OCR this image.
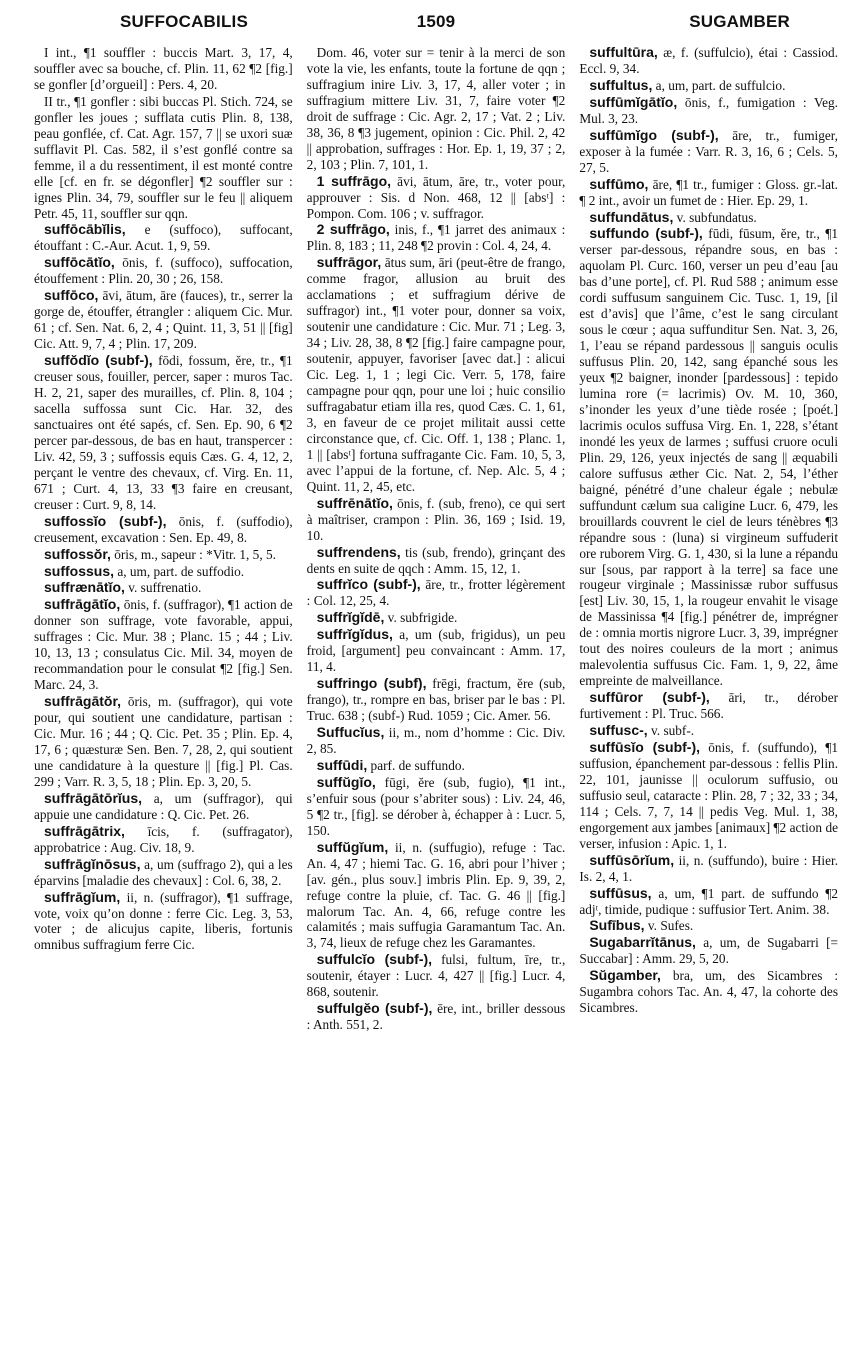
SUFFOCABILIS	1509	SUGAMBER

I int., ¶1 souffler : buccis Mart. 3, 17, 4, souffler avec sa bouche, cf. Plin. 11, 62 ¶2 [fig.] se gonfler [d’orgueil] : Pers. 4, 20.

II tr., ¶1 gonfler : sibi buccas Pl. Stich. 724, se gonfler les joues ; sufflata cutis Plin. 8, 138, peau gonflée, cf. Cat. Agr. 157, 7 || se uxori suæ sufflavit Pl. Cas. 582, il s’est gonflé contre sa femme, il a du ressentiment, il est monté contre elle [cf. en fr. se dégonfler] ¶2 souffler sur : ignes Plin. 34, 79, souffler sur le feu || aliquem Petr. 45, 11, souffler sur qqn.

suffōcābĭlis, e (suffoco), suffocant, étouffant : C.-Aur. Acut. 1, 9, 59.

suffōcātĭo, ōnis, f. (suffoco), suffocation, étouffement : Plin. 20, 30 ; 26, 158.

suffōco, āvi, ātum, āre (fauces), tr., serrer la gorge de, étouffer, étrangler : aliquem Cic. Mur. 61 ; cf. Sen. Nat. 6, 2, 4 ; Quint. 11, 3, 51 || [fig] Cic. Att. 9, 7, 4 ; Plin. 17, 209.

suffŏdĭo (subf-), fōdi, fossum, ĕre, tr., ¶1 creuser sous, fouiller, percer, saper : muros Tac. H. 2, 21, saper des murailles, cf. Plin. 8, 104 ; sacella suffossa sunt Cic. Har. 32, des sanctuaires ont été sapés, cf. Sen. Ep. 90, 6 ¶2 percer par-dessous, de bas en haut, transpercer : Liv. 42, 59, 3 ; suffossis equis Cæs. G. 4, 12, 2, perçant le ventre des chevaux, cf. Virg. En. 11, 671 ; Curt. 4, 13, 33 ¶3 faire en creusant, creuser : Curt. 9, 8, 14.

suffossĭo (subf-), ōnis, f. (suffodio), creusement, excavation : Sen. Ep. 49, 8.

suffossŏr, ōris, m., sapeur : *Vitr. 1, 5, 5.

suffossus, a, um, part. de suffodio.

suffrænātĭo, v. suffrenatio.

suffrāgātĭo, ōnis, f. (suffragor), ¶1 action de donner son suffrage, vote favorable, appui, suffrages : Cic. Mur. 38 ; Planc. 15 ; 44 ; Liv. 10, 13, 13 ; consulatus Cic. Mil. 34, moyen de recommandation pour le consulat ¶2 [fig.] Sen. Marc. 24, 3.

suffrāgātŏr, ōris, m. (suffragor), qui vote pour, qui soutient une candidature, partisan : Cic. Mur. 16 ; 44 ; Q. Cic. Pet. 35 ; Plin. Ep. 4, 17, 6 ; quæsturæ Sen. Ben. 7, 28, 2, qui soutient une candidature à la questure || [fig.] Pl. Cas. 299 ; Varr. R. 3, 5, 18 ; Plin. Ep. 3, 20, 5.

suffrāgātōrĭus, a, um (suffragor), qui appuie une candidature : Q. Cic. Pet. 26.

suffrāgātrix, īcis, f. (suffragator), approbatrice : Aug. Civ. 18, 9.

suffrāgĭnōsus, a, um (suffrago 2), qui a les éparvins [maladie des chevaux] : Col. 6, 38, 2.

suffrāgĭum, ii, n. (suffragor), ¶1 suffrage, vote, voix qu’on donne : ferre Cic. Leg. 3, 53, voter ; de alicujus capite, liberis, fortunis omnibus suffragium ferre Cic.

Dom. 46, voter sur = tenir à la merci de son vote la vie, les enfants, toute la fortune de qqn ; suffragium inire Liv. 3, 17, 4, aller voter ; in suffragium mittere Liv. 31, 7, faire voter ¶2 droit de suffrage : Cic. Agr. 2, 17 ; Vat. 2 ; Liv. 38, 36, 8 ¶3 jugement, opinion : Cic. Phil. 2, 42 || approbation, suffrages : Hor. Ep. 1, 19, 37 ; 2, 2, 103 ; Plin. 7, 101, 1.

1 suffrāgo, āvi, ātum, āre, tr., voter pour, approuver : Sis. d Non. 468, 12 || [absᵗ] : Pompon. Com. 106 ; v. suffragor.

2 suffrāgo, inis, f., ¶1 jarret des animaux : Plin. 8, 183 ; 11, 248 ¶2 provin : Col. 4, 24, 4.

suffrāgor, ātus sum, āri (peut-être de frango, comme fragor, allusion au bruit des acclamations ; et suffragium dérive de suffragor) int., ¶1 voter pour, donner sa voix, soutenir une candidature : Cic. Mur. 71 ; Leg. 3, 34 ; Liv. 28, 38, 8 ¶2 [fig.] faire campagne pour, soutenir, appuyer, favoriser [avec dat.] : alicui Cic. Leg. 1, 1 ; legi Cic. Verr. 5, 178, faire campagne pour qqn, pour une loi ; huic consilio suffragabatur etiam illa res, quod Cæs. C. 1, 61, 3, en faveur de ce projet militait aussi cette circonstance que, cf. Cic. Off. 1, 138 ; Planc. 1, 1 || [absᵗ] fortuna suffragante Cic. Fam. 10, 5, 3, avec l’appui de la fortune, cf. Nep. Alc. 5, 4 ; Quint. 11, 2, 45, etc.

suffrēnātĭo, ōnis, f. (sub, freno), ce qui sert à maîtriser, crampon : Plin. 36, 169 ; Isid. 19, 10.

suffrendens, tis (sub, frendo), grinçant des dents en suite de qqch : Amm. 15, 12, 1.

suffrĭco (subf-), āre, tr., frotter légèrement : Col. 12, 25, 4.

suffrĭgĭdē, v. subfrigide.

suffrĭgĭdus, a, um (sub, frigidus), un peu froid, [argument] peu convaincant : Amm. 17, 11, 4.

suffringo (subf), frēgi, fractum, ĕre (sub, frango), tr., rompre en bas, briser par le bas : Pl. Truc. 638 ; (subf-) Rud. 1059 ; Cic. Amer. 56.

Suffucĭus, ii, m., nom d’homme : Cic. Div. 2, 85.

suffūdi, parf. de suffundo.

suffŭgĭo, fūgi, ĕre (sub, fugio), ¶1 int., s’enfuir sous (pour s’abriter sous) : Liv. 24, 46, 5 ¶2 tr., [fig]. se dérober à, échapper à : Lucr. 5, 150.

suffŭgĭum, ii, n. (suffugio), refuge : Tac. An. 4, 47 ; hiemi Tac. G. 16, abri pour l’hiver ; [av. gén., plus souv.] imbris Plin. Ep. 9, 39, 2, refuge contre la pluie, cf. Tac. G. 46 || [fig.] malorum Tac. An. 4, 66, refuge contre les calamités ; mais suffugia Garamantum Tac. An. 3, 74, lieux de refuge chez les Garamantes.

suffulcĭo (subf-), fulsi, fultum, īre, tr., soutenir, étayer : Lucr. 4, 427 || [fig.] Lucr. 4, 868, soutenir.

suffulgĕo (subf-), ēre, int., briller dessous : Anth. 551, 2.

suffultūra, æ, f. (suffulcio), étai : Cassiod. Eccl. 9, 34.

suffultus, a, um, part. de suffulcio.

suffūmĭgātĭo, ōnis, f., fumigation : Veg. Mul. 3, 23.

suffūmĭgo (subf-), āre, tr., fumiger, exposer à la fumée : Varr. R. 3, 16, 6 ; Cels. 5, 27, 5.

suffūmo, āre, ¶1 tr., fumiger : Gloss. gr.-lat. ¶ 2 int., avoir un fumet de : Hier. Ep. 29, 1.

suffundātus, v. subfundatus.

suffundo (subf-), fūdi, fūsum, ĕre, tr., ¶1 verser par-dessous, répandre sous, en bas : aquolam Pl. Curc. 160, verser un peu d’eau [au bas d’une porte], cf. Pl. Rud 588 ; animum esse cordi suffusum sanguinem Cic. Tusc. 1, 19, [il est d’avis] que l’âme, c’est le sang circulant sous le cœur ; aqua suffunditur Sen. Nat. 3, 26, 1, l’eau se répand pardessous || sanguis oculis suffusus Plin. 20, 142, sang épanché sous les yeux ¶2 baigner, inonder [pardessous] : tepido lumina rore (= lacrimis) Ov. M. 10, 360, s’inonder les yeux d’une tiède rosée ; [poét.] lacrimis oculos suffusa Virg. En. 1, 228, s’étant inondé les yeux de larmes ; suffusi cruore oculi Plin. 29, 126, yeux injectés de sang || æquabili calore suffusus æther Cic. Nat. 2, 54, l’éther baigné, pénétré d’une chaleur égale ; nebulæ suffundunt cælum sua caligine Lucr. 6, 479, les brouillards couvrent le ciel de leurs ténèbres ¶3 répandre sous : (luna) si virgineum suffuderit ore ruborem Virg. G. 1, 430, si la lune a répandu sur [sous, par rapport à la terre] sa face une rougeur virginale ; Massinissæ rubor suffusus [est] Liv. 30, 15, 1, la rougeur envahit le visage de Massinissa ¶4 [fig.] pénétrer de, imprégner de : omnia mortis nigrore Lucr. 3, 39, imprégner tout des noires couleurs de la mort ; animus malevolentia suffusus Cic. Fam. 1, 9, 22, âme empreinte de malveillance.

suffūror (subf-), āri, tr., dérober furtivement : Pl. Truc. 566.

suffusc-, v. subf-.

suffūsĭo (subf-), ōnis, f. (suffundo), ¶1 suffusion, épanchement par-dessous : fellis Plin. 22, 101, jaunisse || oculorum suffusio, ou suffusio seul, cataracte : Plin. 28, 7 ; 32, 33 ; 34, 114 ; Cels. 7, 7, 14 || pedis Veg. Mul. 1, 38, engorgement aux jambes [animaux] ¶2 action de verser, infusion : Apic. 1, 1.

suffūsōrĭum, ii, n. (suffundo), buire : Hier. Is. 2, 4, 1.

suffūsus, a, um, ¶1 part. de suffundo ¶2 adjᵗ, timide, pudique : suffusior Tert. Anim. 38.

Sufībus, v. Sufes.

Sugabarrĭtānus, a, um, de Sugabarri [= Succabar] : Amm. 29, 5, 20.

Sŭgamber, bra, um, des Sicambres : Sugambra cohors Tac. An. 4, 47, la cohorte des Sicambres.
